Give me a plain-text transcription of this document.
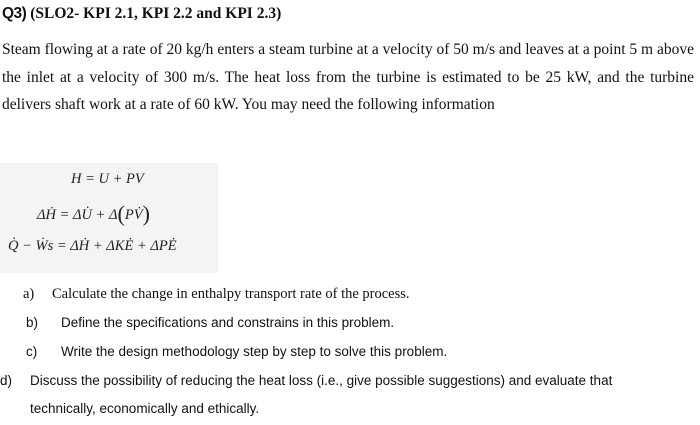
Q3) (SLO2- KPI 2.1, KPI 2.2 and KPI 2.3)
Steam flowing at a rate of 20 kg/h enters a steam turbine at a velocity of 50 m/s and leaves at a point 5 m above the inlet at a velocity of 300 m/s. The heat loss from the turbine is estimated to be 25 kW, and the turbine delivers shaft work at a rate of 60 kW. You may need the following information
H = U + PV
ΔḢ = ΔU̇ + Δ(PV̇)
Q̇ − Ẇs = ΔḢ + ΔKĖ + ΔPĖ
a) Calculate the change in enthalpy transport rate of the process.
b) Define the specifications and constrains in this problem.
c) Write the design methodology step by step to solve this problem.
d) Discuss the possibility of reducing the heat loss (i.e., give possible suggestions) and evaluate that
technically, economically and ethically.
